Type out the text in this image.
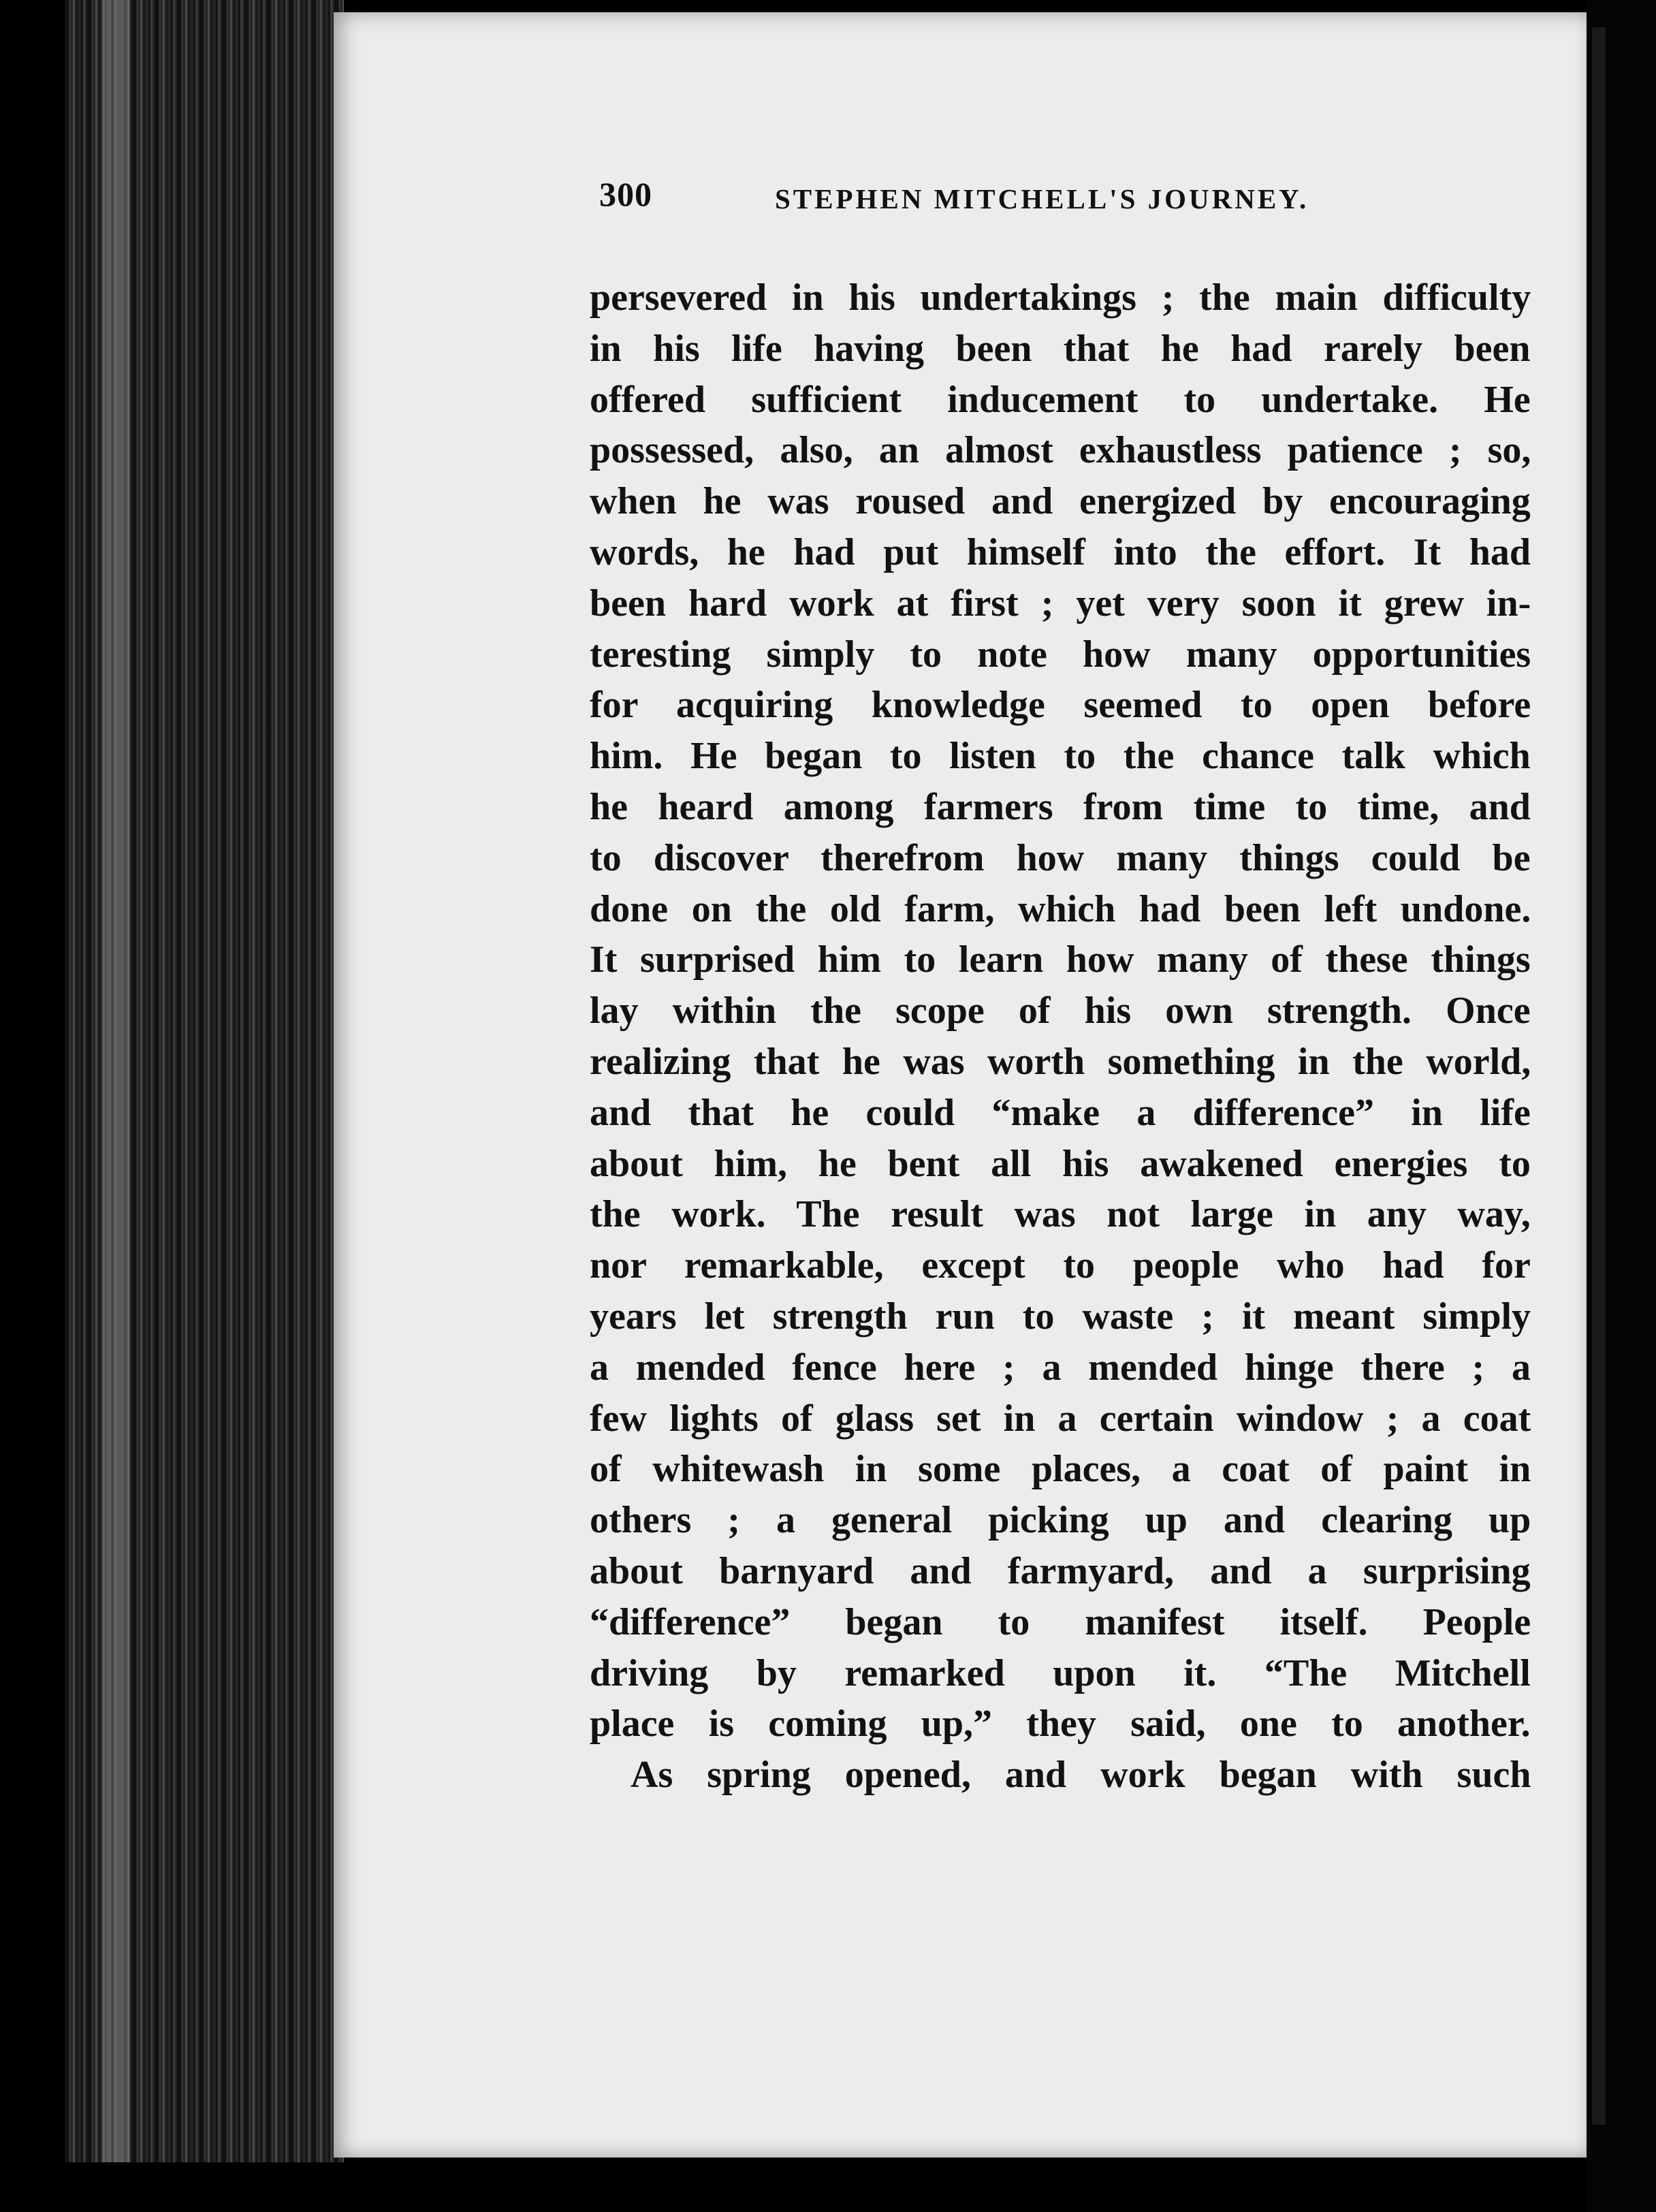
300	STEPHEN MITCHELL'S JOURNEY.
persevered in his undertakings ; the main difficulty
in his life having been that he had rarely been
offered sufficient inducement to undertake. He
possessed, also, an almost exhaustless patience ; so,
when he was roused and energized by encouraging
words, he had put himself into the effort. It had
been hard work at first ; yet very soon it grew in-
teresting simply to note how many opportunities
for acquiring knowledge seemed to open before
him. He began to listen to the chance talk which
he heard among farmers from time to time, and
to discover therefrom how many things could be
done on the old farm, which had been left undone.
It surprised him to learn how many of these things
lay within the scope of his own strength. Once
realizing that he was worth something in the world,
and that he could “make a difference” in life
about him, he bent all his awakened energies to
the work. The result was not large in any way,
nor remarkable, except to people who had for
years let strength run to waste ; it meant simply
a mended fence here ; a mended hinge there ; a
few lights of glass set in a certain window ; a coat
of whitewash in some places, a coat of paint in
others ; a general picking up and clearing up
about barnyard and farmyard, and a surprising
“difference” began to manifest itself. People
driving by remarked upon it. “The Mitchell
place is coming up,” they said, one to another.
As spring opened, and work began with such
